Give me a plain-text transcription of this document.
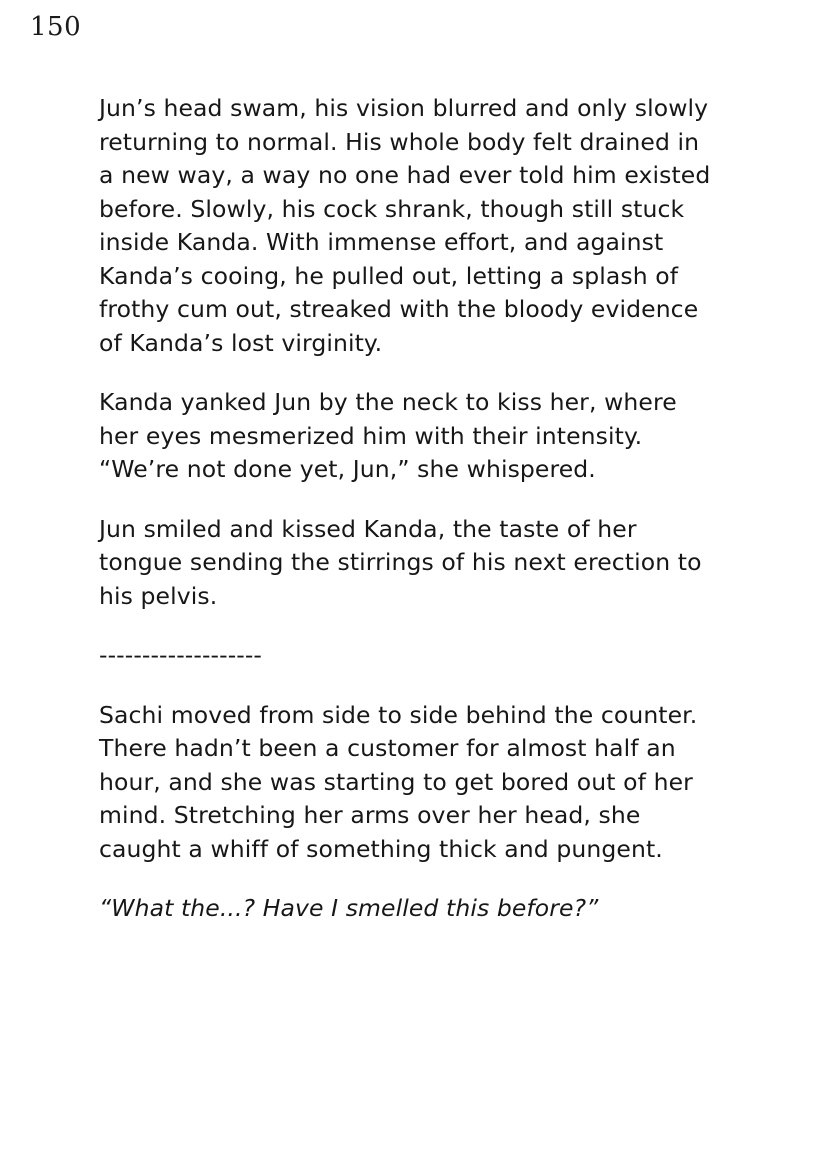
150

Jun’s head swam, his vision blurred and only slowly returning to normal. His whole body felt drained in a new way, a way no one had ever told him existed before. Slowly, his cock shrank, though still stuck inside Kanda. With immense effort, and against Kanda’s cooing, he pulled out, letting a splash of frothy cum out, streaked with the bloody evidence of Kanda’s lost virginity.

Kanda yanked Jun by the neck to kiss her, where her eyes mesmerized him with their intensity. “We’re not done yet, Jun,” she whispered.

Jun smiled and kissed Kanda, the taste of her tongue sending the stirrings of his next erection to his pelvis.

-------------------

Sachi moved from side to side behind the counter. There hadn’t been a customer for almost half an hour, and she was starting to get bored out of her mind. Stretching her arms over her head, she caught a whiff of something thick and pungent.

“What the...? Have I smelled this before?”
